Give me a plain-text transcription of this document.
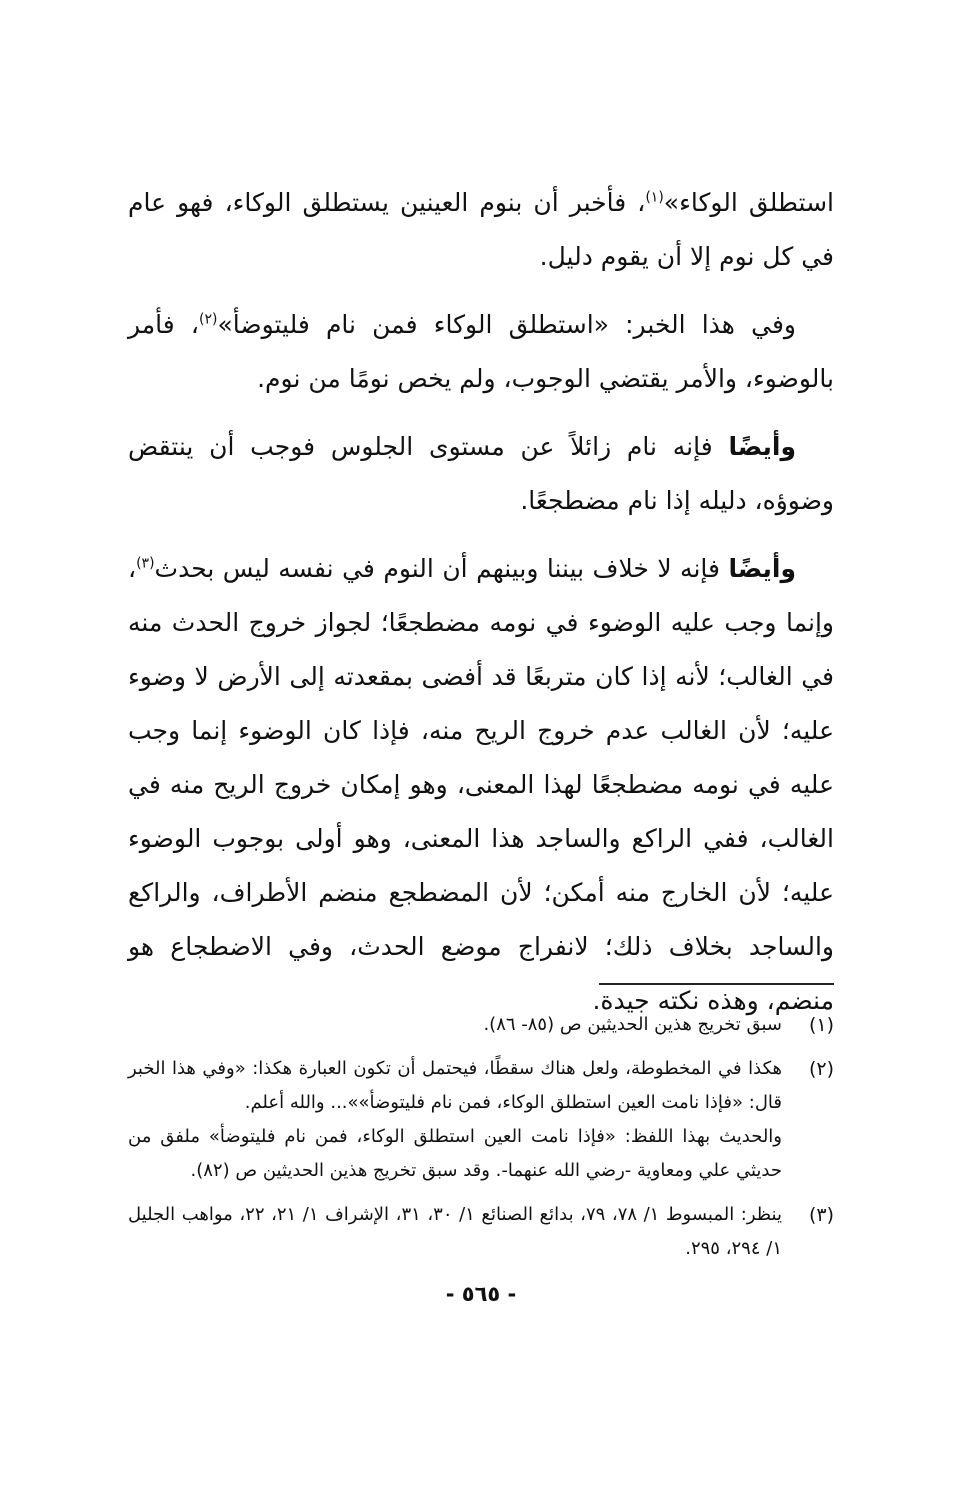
استطلق الوكاء»$^{(١)}$، فأخبر أن بنوم العينين يستطلق الوكاء، فهو عام في كل نوم إلا أن يقوم دليل.

وفي هذا الخبر: «استطلق الوكاء فمن نام فليتوضأ»$^{(٢)}$، فأمر بالوضوء، والأمر يقتضي الوجوب، ولم يخص نومًا من نوم.

وأيضًا فإنه نام زائلاً عن مستوى الجلوس فوجب أن ينتقض وضوؤه، دليله إذا نام مضطجعًا.

وأيضًا فإنه لا خلاف بيننا وبينهم أن النوم في نفسه ليس بحدث$^{(٣)}$، وإنما وجب عليه الوضوء في نومه مضطجعًا؛ لجواز خروج الحدث منه في الغالب؛ لأنه إذا كان متربعًا قد أفضى بمقعدته إلى الأرض لا وضوء عليه؛ لأن الغالب عدم خروج الريح منه، فإذا كان الوضوء إنما وجب عليه في نومه مضطجعًا لهذا المعنى، وهو إمكان خروج الريح منه في الغالب، ففي الراكع والساجد هذا المعنى، وهو أولى بوجوب الوضوء عليه؛ لأن الخارج منه أمكن؛ لأن المضطجع منضم الأطراف، والراكع والساجد بخلاف ذلك؛ لانفراج موضع الحدث، وفي الاضطجاع هو منضم، وهذه نكته جيدة.

(١)

سبق تخريج هذين الحديثين ص (٨٥- ٨٦).

(٢)

هكذا في المخطوطة، ولعل هناك سقطًا، فيحتمل أن تكون العبارة هكذا: «وفي هذا الخبر قال: «فإذا نامت العين استطلق الوكاء، فمن نام فليتوضأ»»... والله أعلم.

والحديث بهذا اللفظ: «فإذا نامت العين استطلق الوكاء، فمن نام فليتوضأ» ملفق من حديثي علي ومعاوية -رضي الله عنهما-. وقد سبق تخريج هذين الحديثين ص (٨٢).

(٣)

ينظر: المبسوط ١/ ٧٨، ٧٩، بدائع الصنائع ١/ ٣٠، ٣١، الإشراف ١/ ٢١، ٢٢، مواهب الجليل ١/ ٢٩٤، ٢٩٥.

- ٥٦٥ -
